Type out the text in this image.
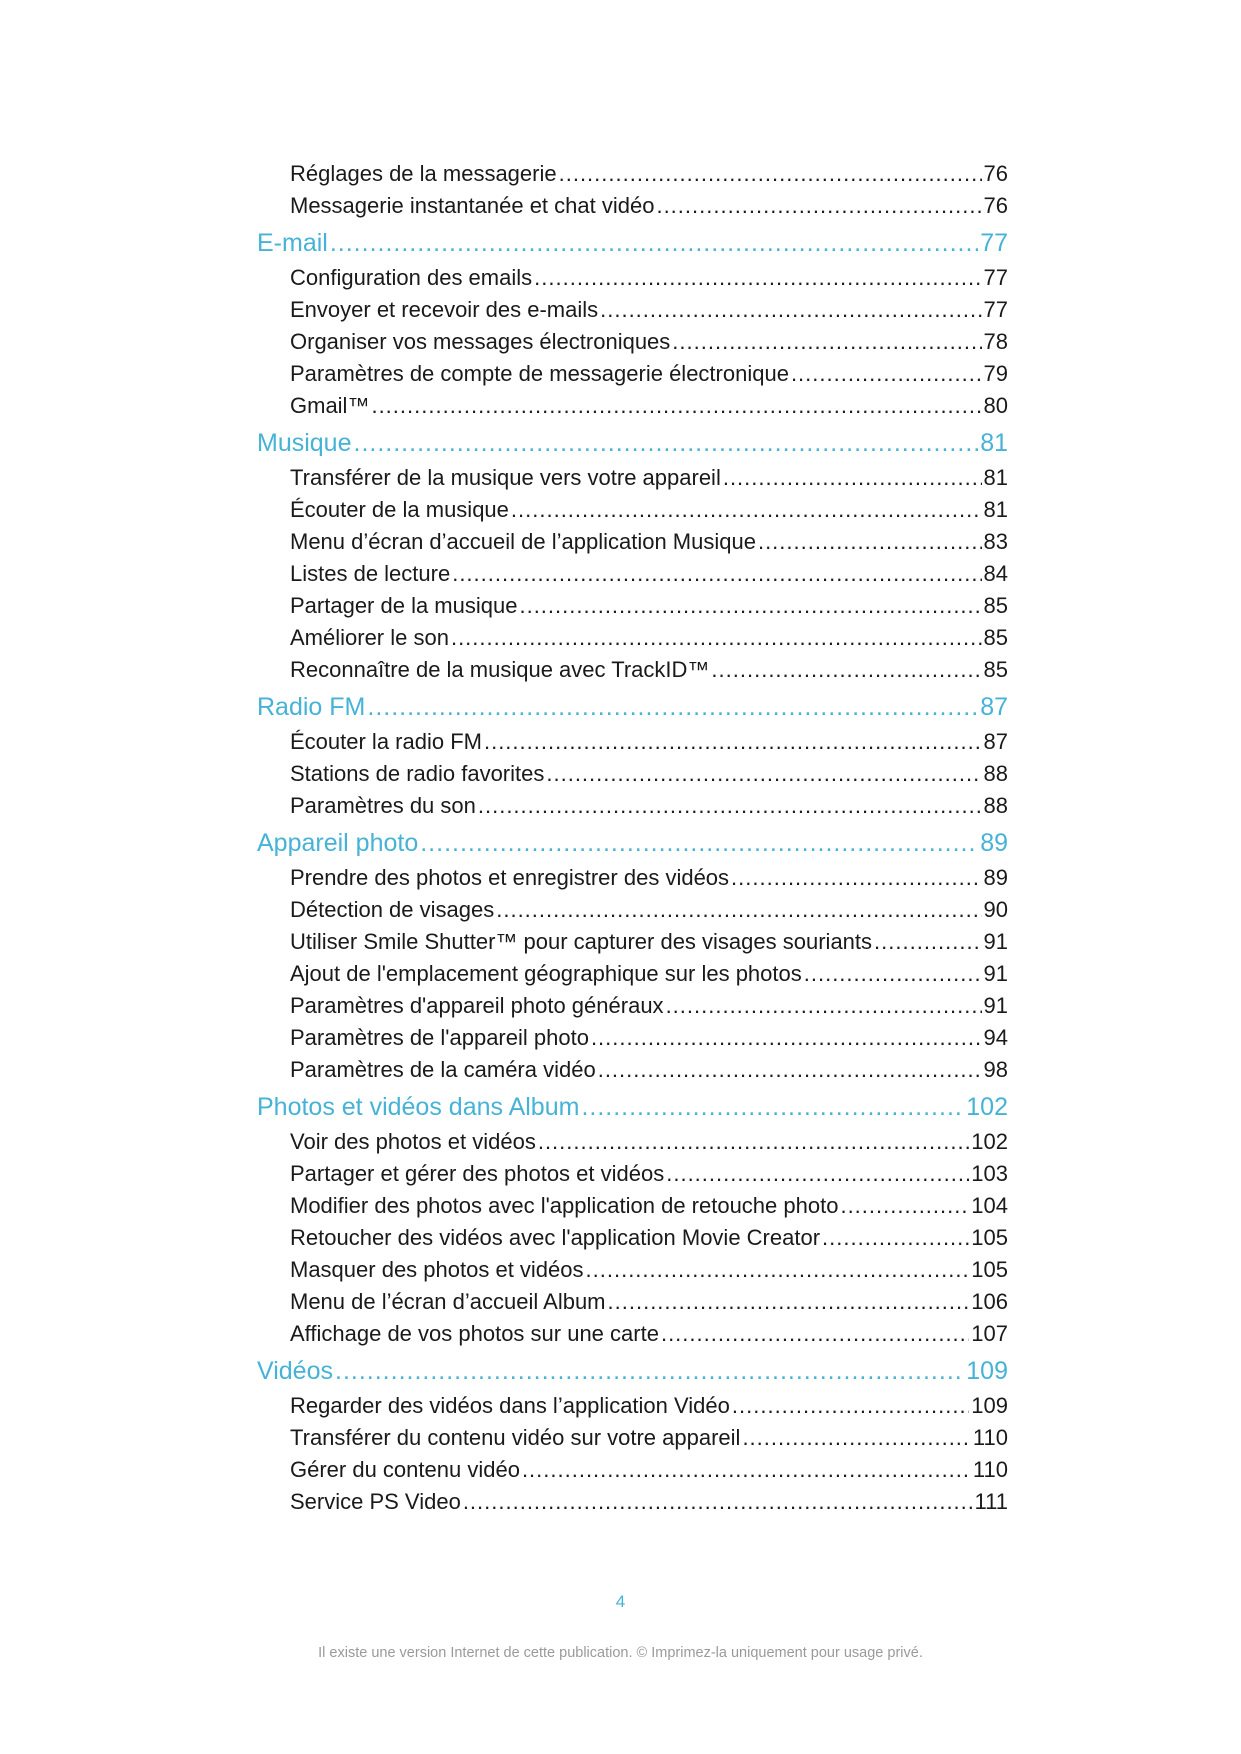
Réglages de la messagerie .....	76
Messagerie instantanée et chat vidéo .....	76
E-mail .....	77
Configuration des emails .....	77
Envoyer et recevoir des e-mails .....	77
Organiser vos messages électroniques .....	78
Paramètres de compte de messagerie électronique .....	79
Gmail™ .....	80
Musique .....	81
Transférer de la musique vers votre appareil .....	81
Écouter de la musique .....	81
Menu d’écran d’accueil de l’application Musique .....	83
Listes de lecture .....	84
Partager de la musique .....	85
Améliorer le son .....	85
Reconnaître de la musique avec TrackID™ .....	85
Radio FM .....	87
Écouter la radio FM .....	87
Stations de radio favorites .....	88
Paramètres du son .....	88
Appareil photo .....	89
Prendre des photos et enregistrer des vidéos .....	89
Détection de visages .....	90
Utiliser Smile Shutter™ pour capturer des visages souriants .....	91
Ajout de l'emplacement géographique sur les photos .....	91
Paramètres d'appareil photo généraux .....	91
Paramètres de l'appareil photo .....	94
Paramètres de la caméra vidéo .....	98
Photos et vidéos dans Album .....	102
Voir des photos et vidéos .....	102
Partager et gérer des photos et vidéos .....	103
Modifier des photos avec l'application de retouche photo .....	104
Retoucher des vidéos avec l'application Movie Creator .....	105
Masquer des photos et vidéos .....	105
Menu de l’écran d’accueil Album .....	106
Affichage de vos photos sur une carte .....	107
Vidéos .....	109
Regarder des vidéos dans l’application Vidéo .....	109
Transférer du contenu vidéo sur votre appareil .....	110
Gérer du contenu vidéo .....	110
Service PS Video .....	111
4
Il existe une version Internet de cette publication. © Imprimez-la uniquement pour usage privé.
